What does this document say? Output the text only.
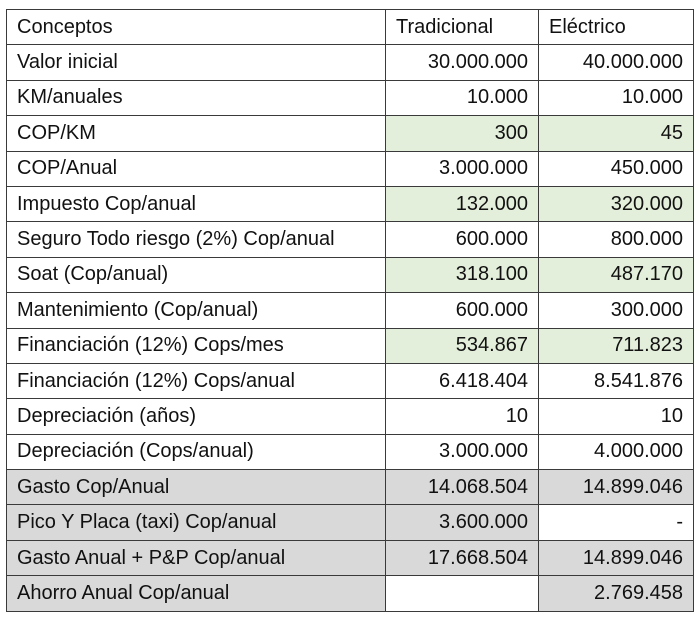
Conceptos	Tradicional	Eléctrico
Valor inicial	30.000.000	40.000.000
KM/anuales	10.000	10.000
COP/KM	300	45
COP/Anual	3.000.000	450.000
Impuesto Cop/anual	132.000	320.000
Seguro Todo riesgo (2%) Cop/anual	600.000	800.000
Soat (Cop/anual)	318.100	487.170
Mantenimiento (Cop/anual)	600.000	300.000
Financiación (12%) Cops/mes	534.867	711.823
Financiación (12%) Cops/anual	6.418.404	8.541.876
Depreciación (años)	10	10
Depreciación (Cops/anual)	3.000.000	4.000.000
Gasto Cop/Anual	14.068.504	14.899.046
Pico Y Placa (taxi) Cop/anual	3.600.000	-
Gasto Anual + P&P Cop/anual	17.668.504	14.899.046
Ahorro Anual Cop/anual		2.769.458
